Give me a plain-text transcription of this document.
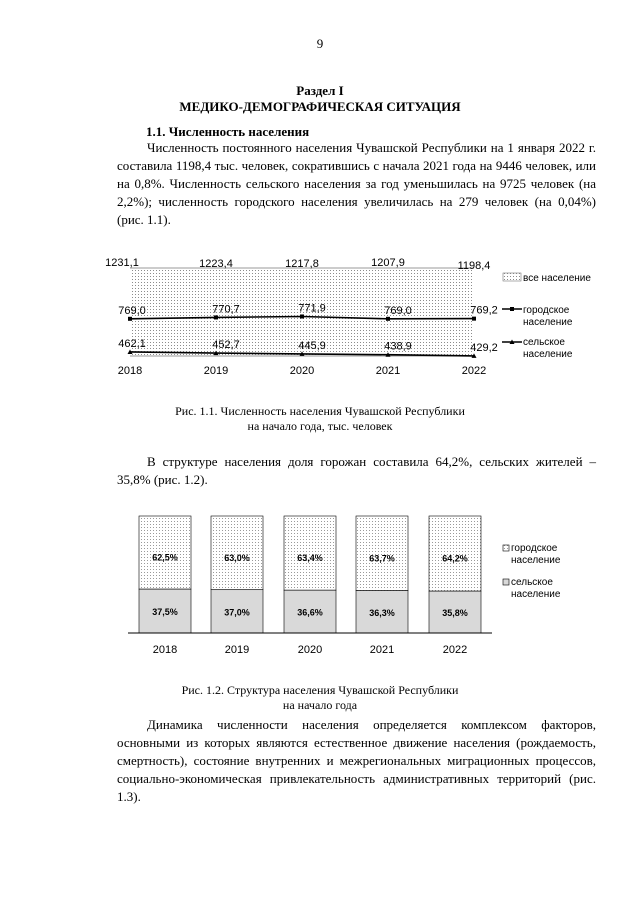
9
Раздел I
МЕДИКО-ДЕМОГРАФИЧЕСКАЯ СИТУАЦИЯ
1.1. Численность населения

Численность постоянного населения Чувашской Республики на 1 января 2022 г. составила 1198,4 тыс. человек, сократившись с начала 2021 года на 9446 человек, или на 0,8%. Численность сельского населения за год уменьшилась на 9725 человек (на 2,2%); численность городского населения увеличилась на 279 человек (на 0,04%) (рис. 1.1).

1231,1	1223,4	1217,8	1207,9	1198,4
769,0	770,7	771,9	769,0	769,2
462,1	452,7	445,9	438,9	429,2
2018	2019	2020	2021	2022
все население
городское
население
сельское
население
Рис. 1.1. Численность населения Чувашской Республики
на начало года, тыс. человек

В структуре населения доля горожан составила 64,2%, сельских жителей – 35,8% (рис. 1.2).

62,5%
37,5%
63,0%
37,0%
63,4%
36,6%
63,7%
36,3%
64,2%
35,8%
2018	2019	2020	2021	2022
городское
население
сельское
население
Рис. 1.2. Структура населения Чувашской Республики
на начало года

Динамика численности населения определяется комплексом факторов, основными из которых являются естественное движение населения (рождаемость, смертность), состояние внутренних и межрегиональных миграционных процессов, социально-экономическая привлекательность административных территорий (рис. 1.3).
